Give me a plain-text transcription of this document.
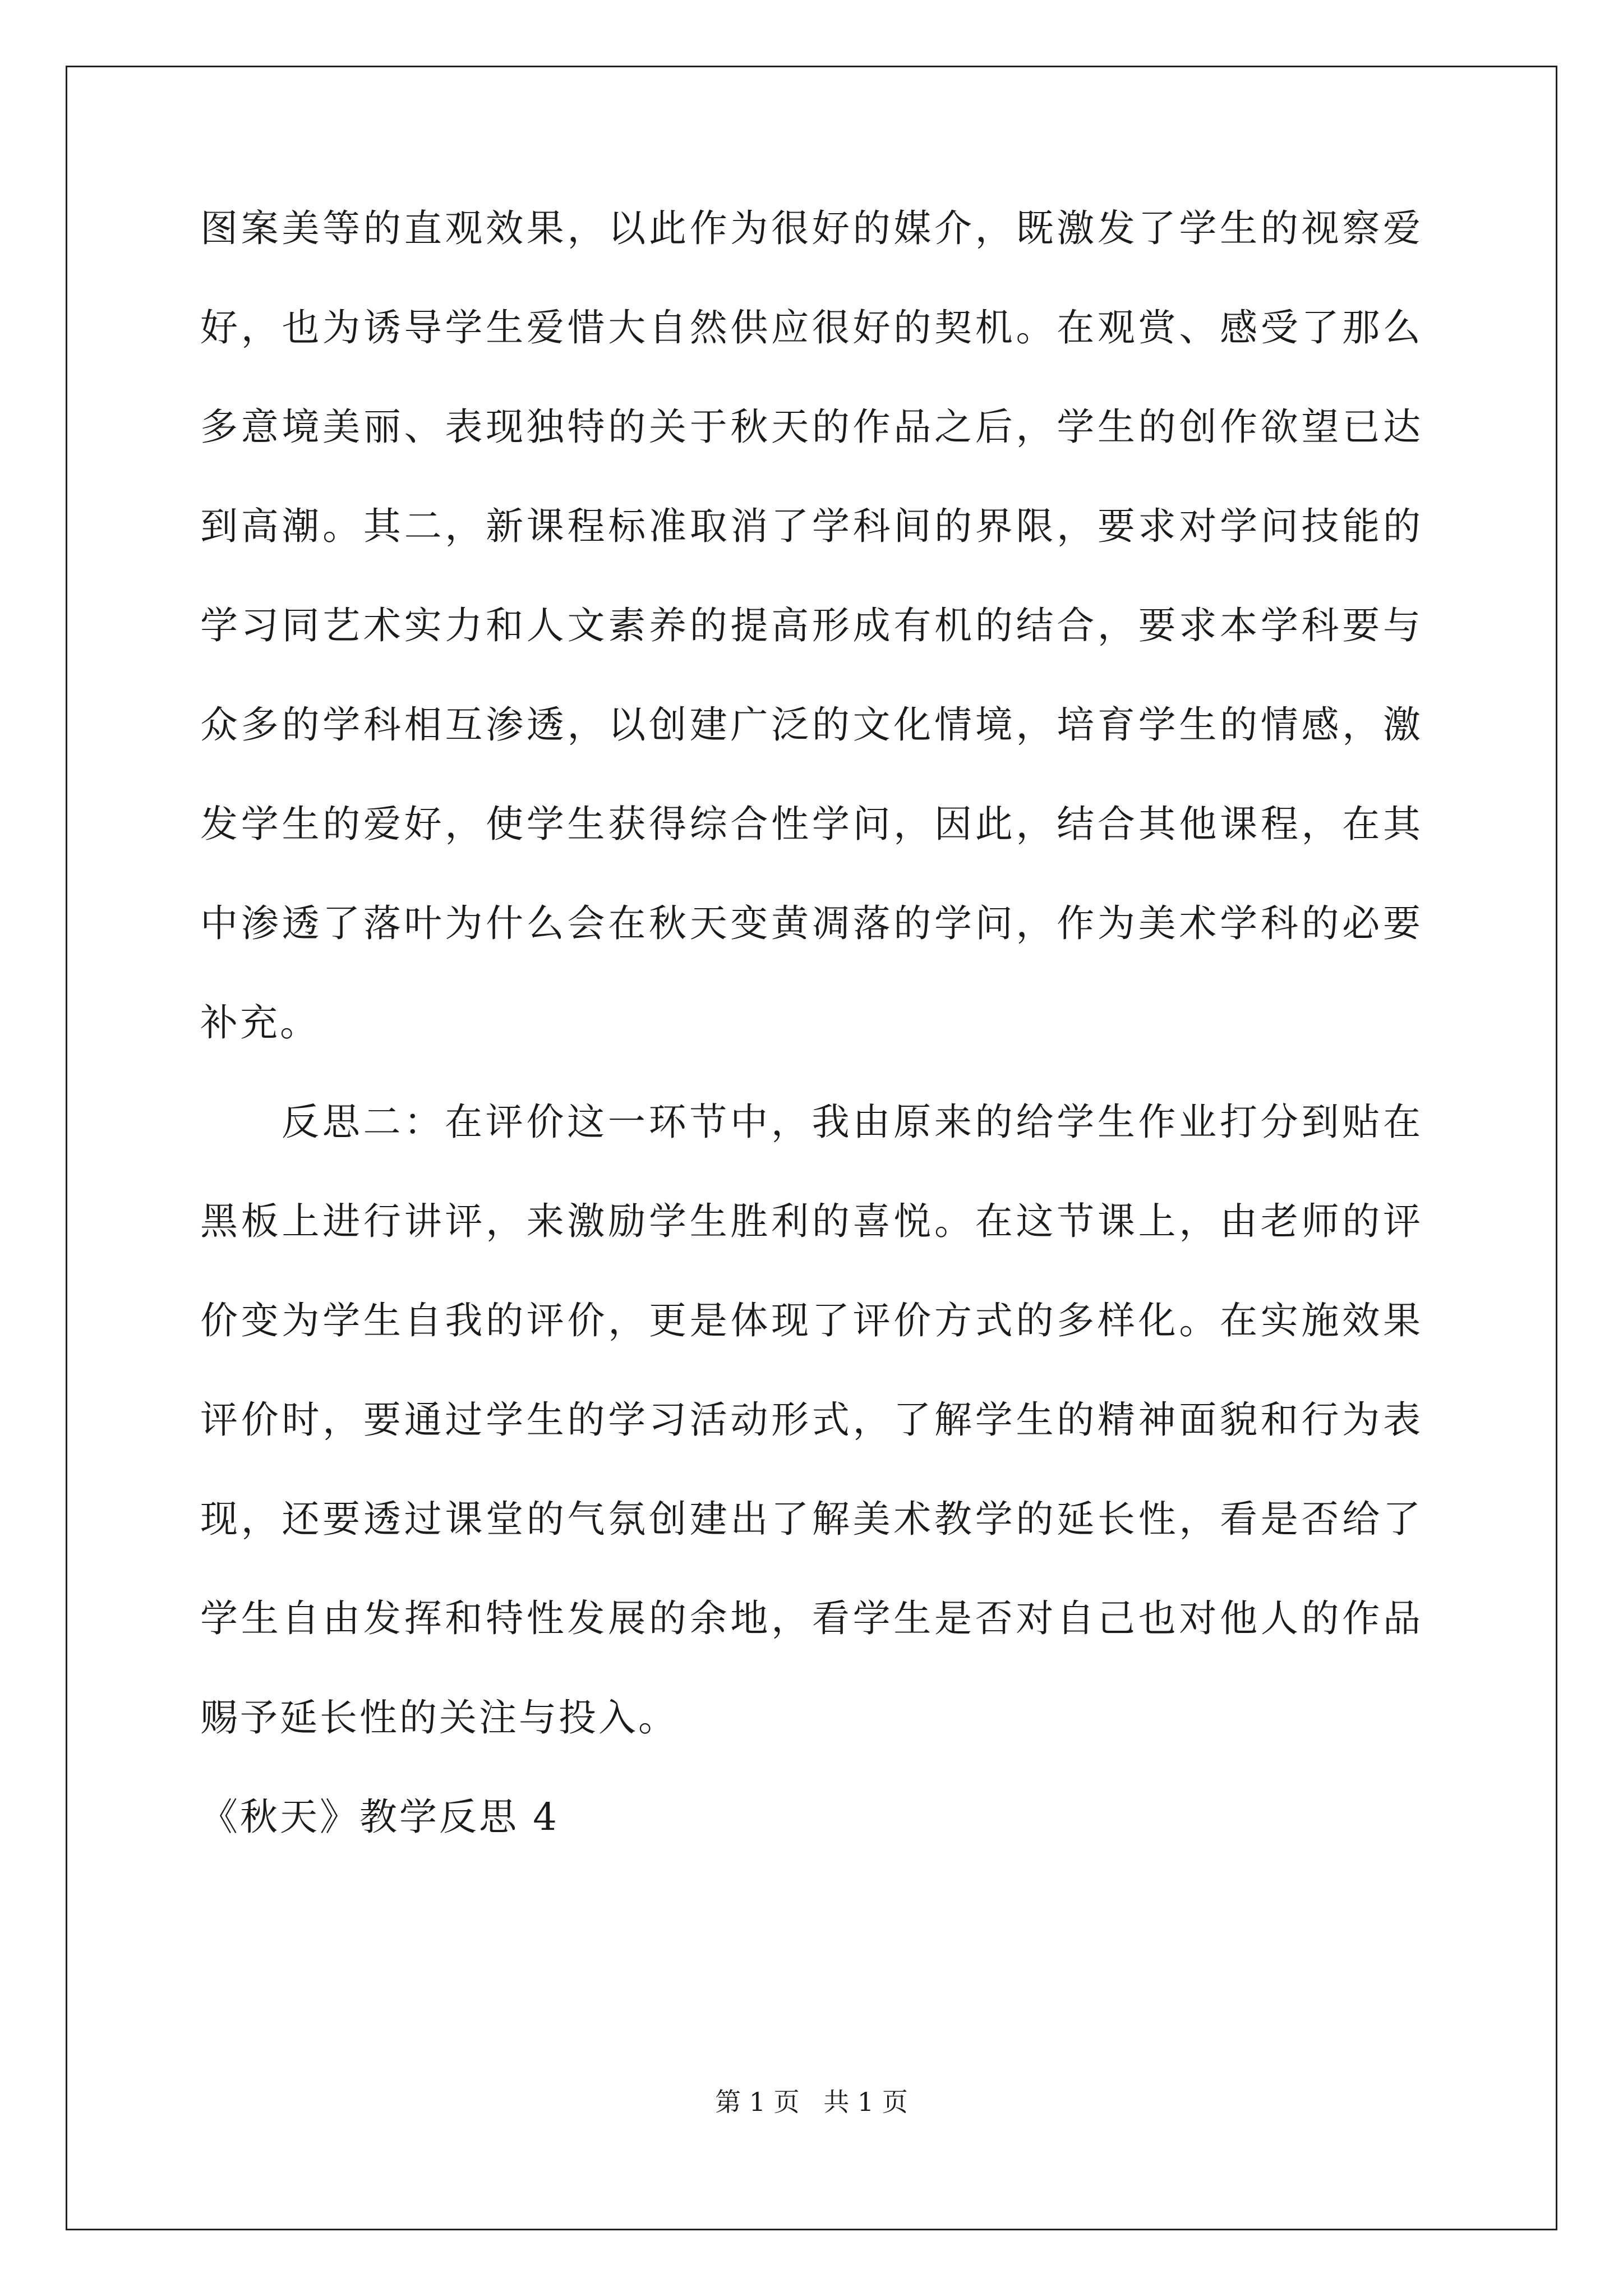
图案美等的直观效果，以此作为很好的媒介，既激发了学生的视察爱
好，也为诱导学生爱惜大自然供应很好的契机。在观赏、感受了那么
多意境美丽、表现独特的关于秋天的作品之后，学生的创作欲望已达
到高潮。其二，新课程标准取消了学科间的界限，要求对学问技能的
学习同艺术实力和人文素养的提高形成有机的结合，要求本学科要与
众多的学科相互渗透，以创建广泛的文化情境，培育学生的情感，激
发学生的爱好，使学生获得综合性学问，因此，结合其他课程，在其
中渗透了落叶为什么会在秋天变黄凋落的学问，作为美术学科的必要
补充。
反思二：在评价这一环节中，我由原来的给学生作业打分到贴在
黑板上进行讲评，来激励学生胜利的喜悦。在这节课上，由老师的评
价变为学生自我的评价，更是体现了评价方式的多样化。在实施效果
评价时，要通过学生的学习活动形式，了解学生的精神面貌和行为表
现，还要透过课堂的气氛创建出了解美术教学的延长性，看是否给了
学生自由发挥和特性发展的余地，看学生是否对自己也对他人的作品
赐予延长性的关注与投入。
《秋天》教学反思 4
第 1 页 共 1 页
